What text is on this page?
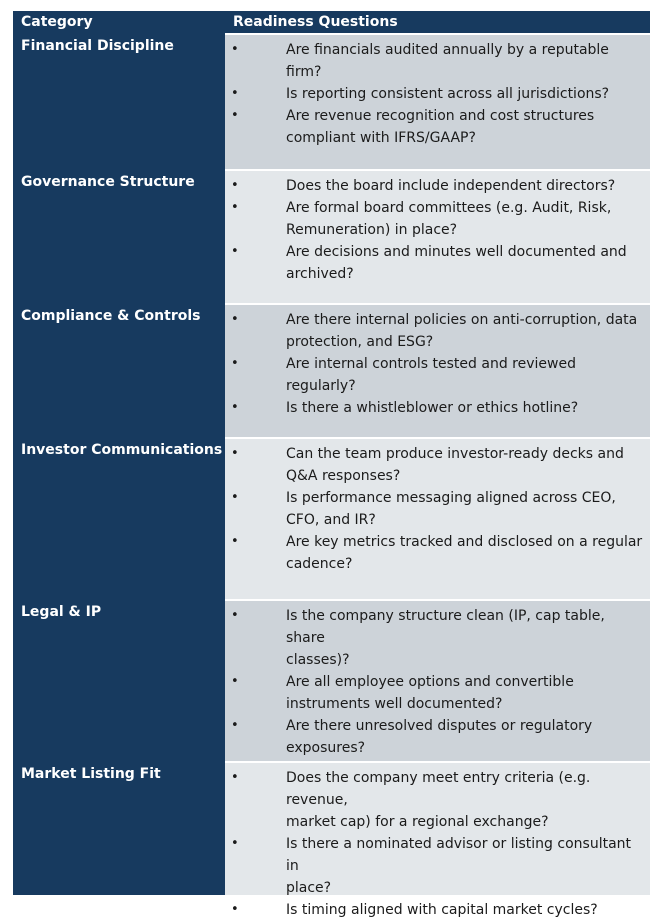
Category	Readiness Questions
Financial Discipline	•	Are financials audited annually by a reputable firm?
•	Is reporting consistent across all jurisdictions?
•	Are revenue recognition and cost structures
compliant with IFRS/GAAP?
Governance Structure	•	Does the board include independent directors?
•	Are formal board committees (e.g. Audit, Risk,
Remuneration) in place?
•	Are decisions and minutes well documented and
archived?
Compliance & Controls	•	Are there internal policies on anti-corruption, data
protection, and ESG?
•	Are internal controls tested and reviewed regularly?
•	Is there a whistleblower or ethics hotline?
Investor Communications •	Can the team produce investor-ready decks and
Q&A responses?
•	Is performance messaging aligned across CEO,
CFO, and IR?
•	Are key metrics tracked and disclosed on a regular
cadence?
Legal & IP	•	Is the company structure clean (IP, cap table, share
classes)?
•	Are all employee options and convertible
instruments well documented?
•	Are there unresolved disputes or regulatory
exposures?
Market Listing Fit	•	Does the company meet entry criteria (e.g. revenue,
market cap) for a regional exchange?
•	Is there a nominated advisor or listing consultant in
place?
•	Is timing aligned with capital market cycles?
